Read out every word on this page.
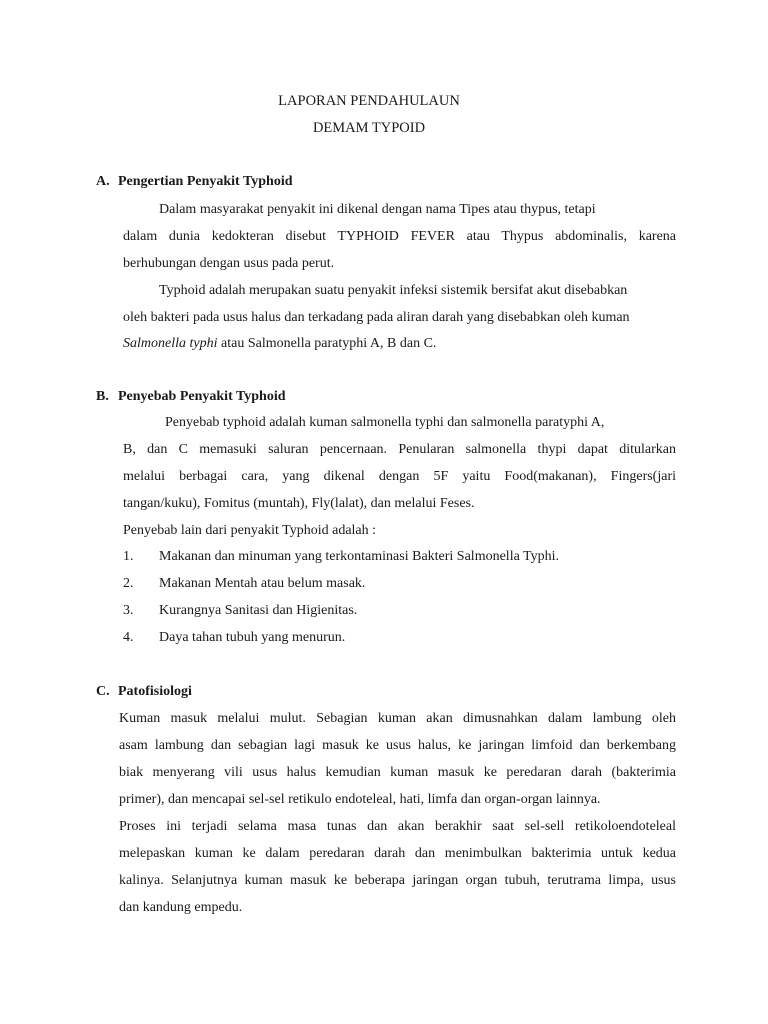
LAPORAN PENDAHULAUN
DEMAM TYPOID
A. Pengertian Penyakit Typhoid
Dalam masyarakat penyakit ini dikenal dengan nama Tipes atau thypus, tetapi
dalam dunia kedokteran disebut TYPHOID FEVER atau Thypus abdominalis, karena
berhubungan dengan usus pada perut.
Typhoid adalah merupakan suatu penyakit infeksi sistemik bersifat akut disebabkan
oleh bakteri pada usus halus dan terkadang pada aliran darah yang disebabkan oleh kuman
Salmonella typhi atau Salmonella paratyphi A, B dan C.
B. Penyebab Penyakit Typhoid
Penyebab typhoid adalah kuman salmonella typhi dan salmonella paratyphi A,
B, dan C memasuki saluran pencernaan. Penularan salmonella thypi dapat ditularkan
melalui berbagai cara, yang dikenal dengan 5F yaitu Food(makanan), Fingers(jari
tangan/kuku), Fomitus (muntah), Fly(lalat), dan melalui Feses.
Penyebab lain dari penyakit Typhoid adalah :
1. Makanan dan minuman yang terkontaminasi Bakteri Salmonella Typhi.
2. Makanan Mentah atau belum masak.
3. Kurangnya Sanitasi dan Higienitas.
4. Daya tahan tubuh yang menurun.
C. Patofisiologi
Kuman masuk melalui mulut. Sebagian kuman akan dimusnahkan dalam lambung oleh
asam lambung dan sebagian lagi masuk ke usus halus, ke jaringan limfoid dan berkembang
biak menyerang vili usus halus kemudian kuman masuk ke peredaran darah (bakterimia
primer), dan mencapai sel-sel retikulo endoteleal, hati, limfa dan organ-organ lainnya.
Proses ini terjadi selama masa tunas dan akan berakhir saat sel-sell retikoloendoteleal
melepaskan kuman ke dalam peredaran darah dan menimbulkan bakterimia untuk kedua
kalinya. Selanjutnya kuman masuk ke beberapa jaringan organ tubuh, terutrama limpa, usus
dan kandung empedu.
